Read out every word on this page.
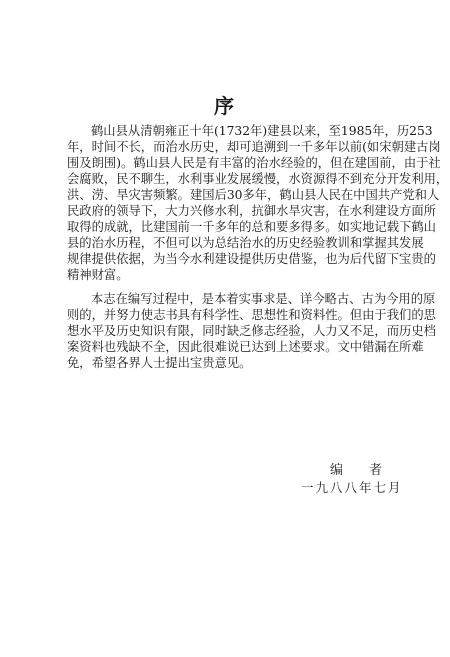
序
鹤山县从清朝雍正十年(1732年)建县以来，至1985年，历253
年，时间不长，而治水历史，却可追溯到一千多年以前(如宋朝建古岗
围及朗围)。鹤山县人民是有丰富的治水经验的，但在建国前，由于社
会腐败，民不聊生，水利事业发展缓慢，水资源得不到充分开发利用，
洪、涝、旱灾害频繁。建国后30多年，鹤山县人民在中国共产党和人
民政府的领导下，大力兴修水利，抗御水旱灾害，在水利建设方面所
取得的成就，比建国前一千多年的总和要多得多。如实地记载下鹤山
县的治水历程，不但可以为总结治水的历史经验教训和掌握其发展
规律提供依据，为当今水利建设提供历史借鉴，也为后代留下宝贵的
精神财富。
本志在编写过程中，是本着实事求是、详今略古、古为今用的原
则的，并努力使志书具有科学性、思想性和资料性。但由于我们的思
想水平及历史知识有限，同时缺乏修志经验，人力又不足，而历史档
案资料也残缺不全，因此很难说已达到上述要求。文中错漏在所难
免，希望各界人士提出宝贵意见。
编者
一九八八年七月
